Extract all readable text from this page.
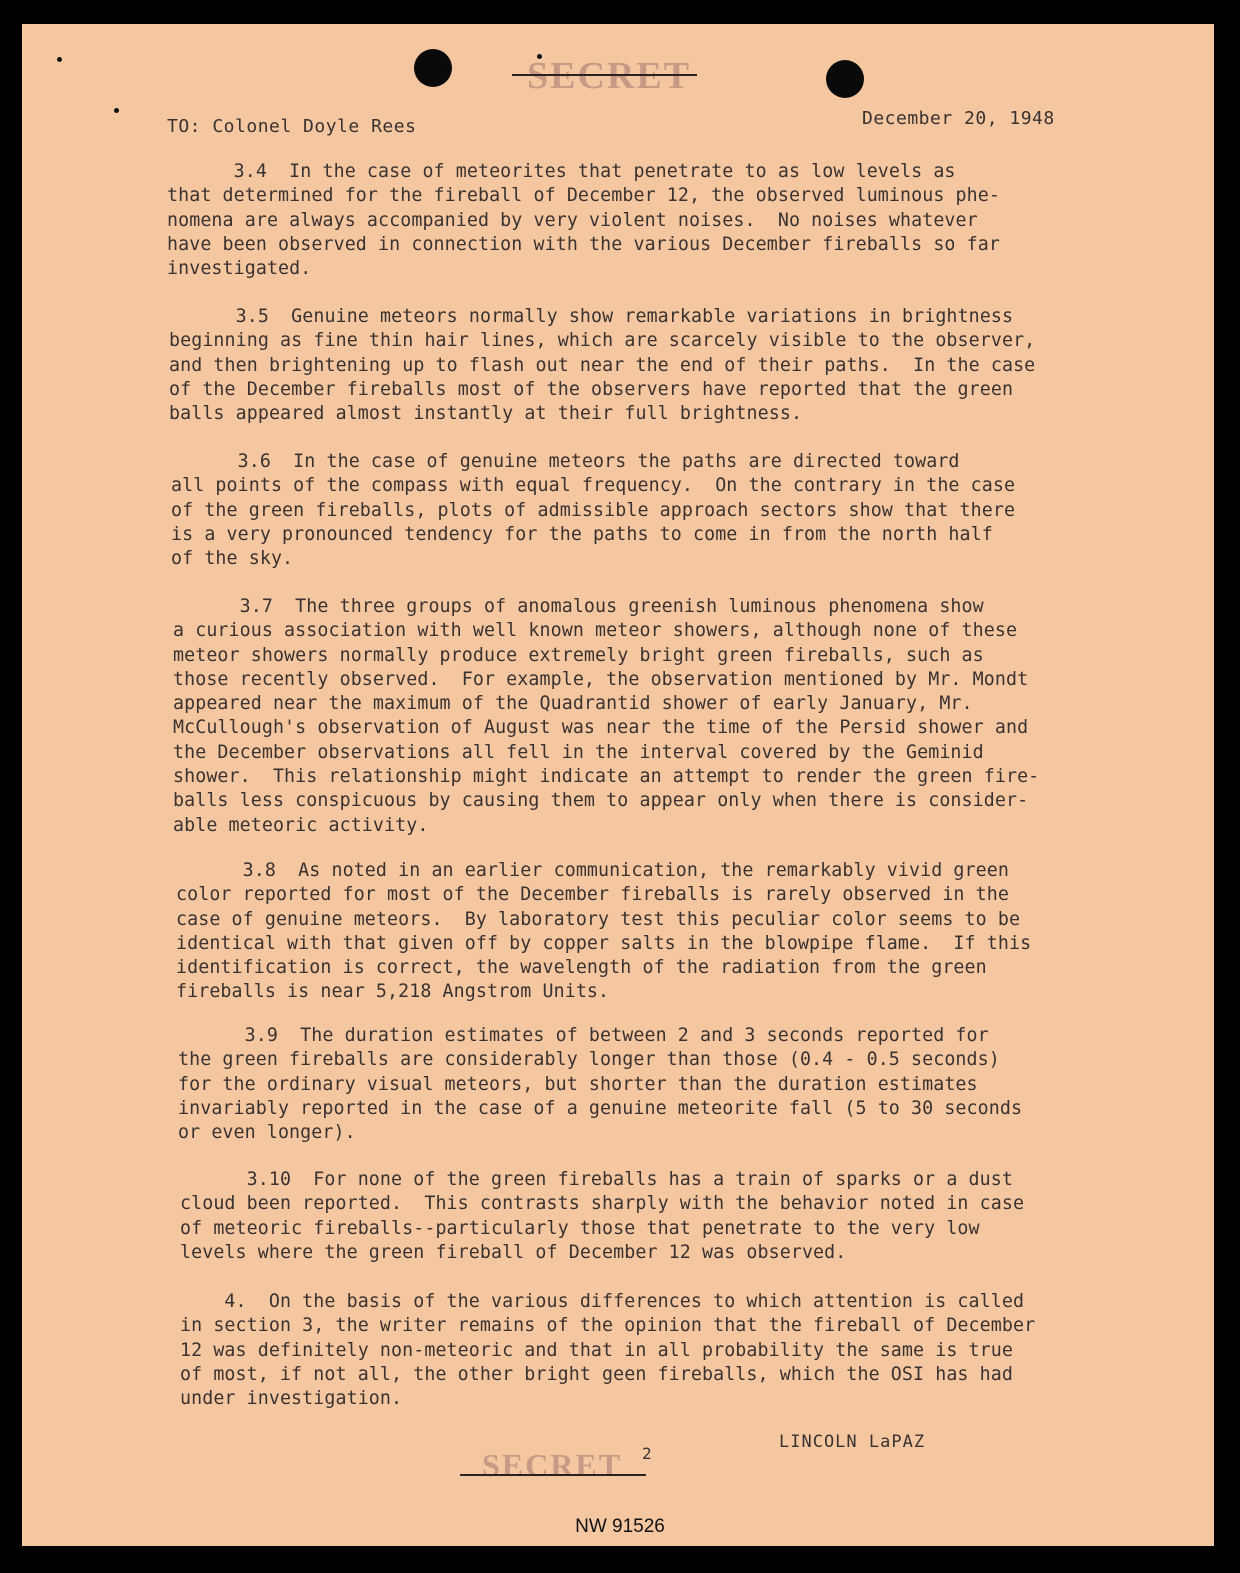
SECRET
TO: Colonel Doyle Rees	December 20, 1948
3.4  In the case of meteorites that penetrate to as low levels as
that determined for the fireball of December 12, the observed luminous phe-
nomena are always accompanied by very violent noises.  No noises whatever
have been observed in connection with the various December fireballs so far
investigated.
3.5  Genuine meteors normally show remarkable variations in brightness
beginning as fine thin hair lines, which are scarcely visible to the observer,
and then brightening up to flash out near the end of their paths.  In the case
of the December fireballs most of the observers have reported that the green
balls appeared almost instantly at their full brightness.
3.6  In the case of genuine meteors the paths are directed toward
all points of the compass with equal frequency.  On the contrary in the case
of the green fireballs, plots of admissible approach sectors show that there
is a very pronounced tendency for the paths to come in from the north half
of the sky.
3.7  The three groups of anomalous greenish luminous phenomena show
a curious association with well known meteor showers, although none of these
meteor showers normally produce extremely bright green fireballs, such as
those recently observed.  For example, the observation mentioned by Mr. Mondt
appeared near the maximum of the Quadrantid shower of early January, Mr.
McCullough's observation of August was near the time of the Persid shower and
the December observations all fell in the interval covered by the Geminid
shower.  This relationship might indicate an attempt to render the green fire-
balls less conspicuous by causing them to appear only when there is consider-
able meteoric activity.
3.8  As noted in an earlier communication, the remarkably vivid green
color reported for most of the December fireballs is rarely observed in the
case of genuine meteors.  By laboratory test this peculiar color seems to be
identical with that given off by copper salts in the blowpipe flame.  If this
identification is correct, the wavelength of the radiation from the green
fireballs is near 5,218 Angstrom Units.
3.9  The duration estimates of between 2 and 3 seconds reported for
the green fireballs are considerably longer than those (0.4 - 0.5 seconds)
for the ordinary visual meteors, but shorter than the duration estimates
invariably reported in the case of a genuine meteorite fall (5 to 30 seconds
or even longer).
3.10  For none of the green fireballs has a train of sparks or a dust
cloud been reported.  This contrasts sharply with the behavior noted in case
of meteoric fireballs--particularly those that penetrate to the very low
levels where the green fireball of December 12 was observed.
4.  On the basis of the various differences to which attention is called
in section 3, the writer remains of the opinion that the fireball of December
12 was definitely non-meteoric and that in all probability the same is true
of most, if not all, the other bright geen fireballs, which the OSI has had
under investigation.
LINCOLN LaPAZ
SECRET 2
NW 91526
